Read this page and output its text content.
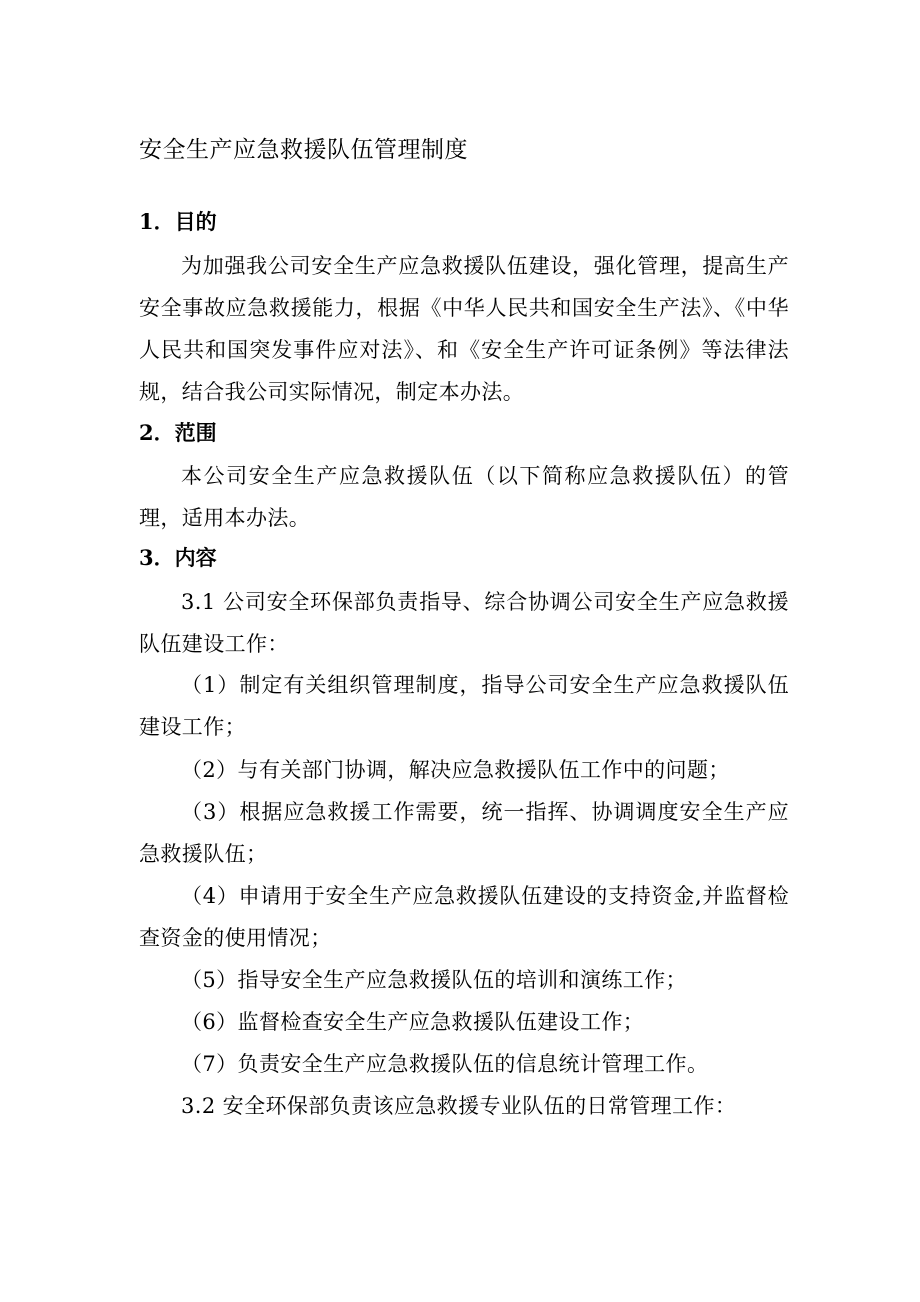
安全生产应急救援队伍管理制度
1．目的
为加强我公司安全生产应急救援队伍建设，强化管理，提高生产安全事故应急救援能力，根据《中华人民共和国安全生产法》、《中华人民共和国突发事件应对法》、和《安全生产许可证条例》等法律法规，结合我公司实际情况，制定本办法。
2．范围
本公司安全生产应急救援队伍（以下简称应急救援队伍）的管理，适用本办法。
3．内容
3.1 公司安全环保部负责指导、综合协调公司安全生产应急救援队伍建设工作：
（1）制定有关组织管理制度，指导公司安全生产应急救援队伍建设工作；
（2）与有关部门协调，解决应急救援队伍工作中的问题；
（3）根据应急救援工作需要，统一指挥、协调调度安全生产应急救援队伍；
（4）申请用于安全生产应急救援队伍建设的支持资金,并监督检查资金的使用情况；
（5）指导安全生产应急救援队伍的培训和演练工作；
（6）监督检查安全生产应急救援队伍建设工作；
（7）负责安全生产应急救援队伍的信息统计管理工作。
3.2 安全环保部负责该应急救援专业队伍的日常管理工作：
